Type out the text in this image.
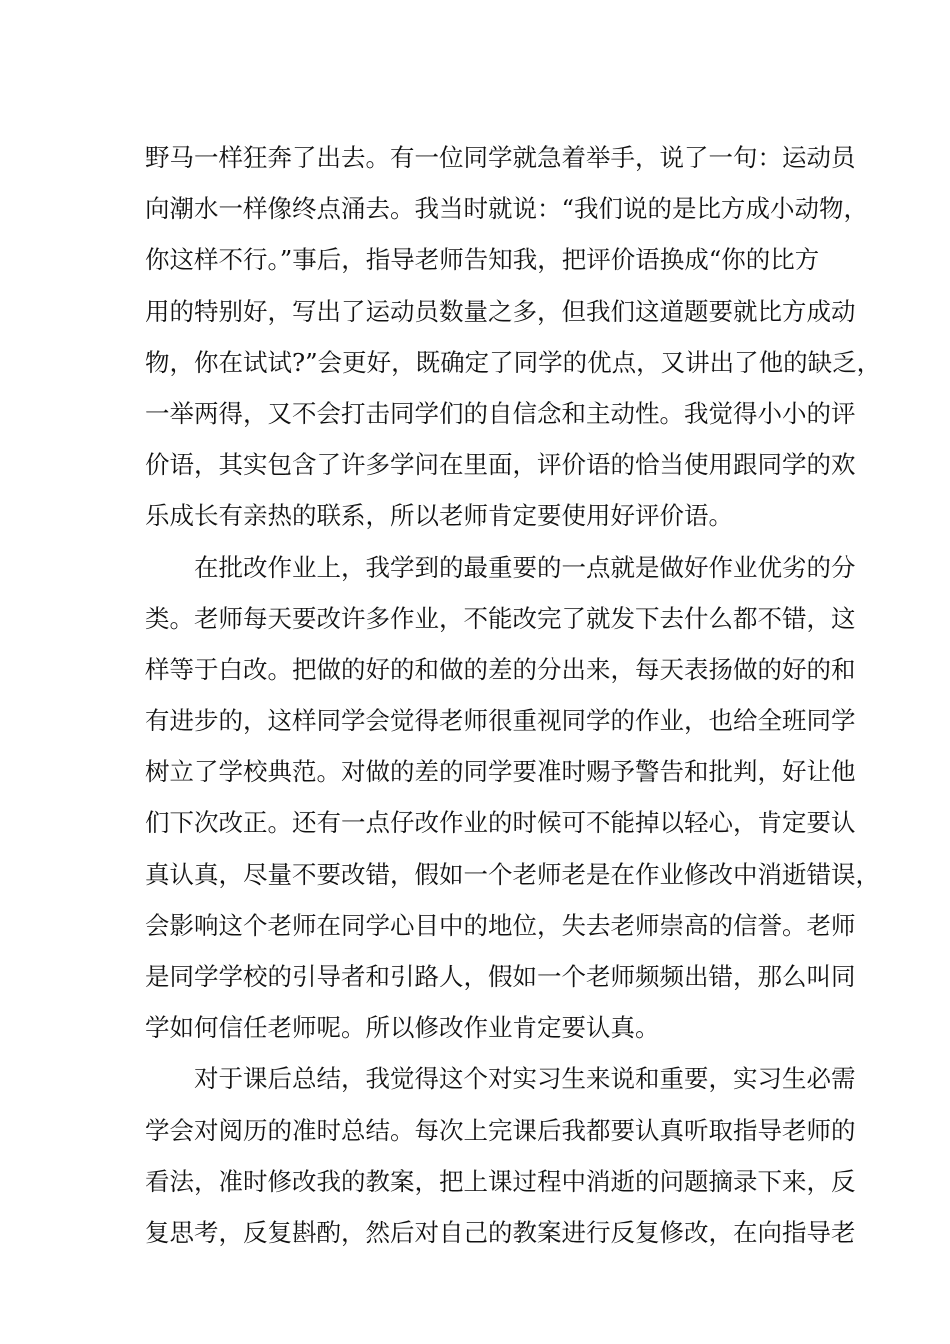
野马一样狂奔了出去。有一位同学就急着举手，说了一句：运动员
向潮水一样像终点涌去。我当时就说：“我们说的是比方成小动物，
你这样不行。”事后，指导老师告知我，把评价语换成“你的比方
用的特别好，写出了运动员数量之多，但我们这道题要就比方成动
物，你在试试?”会更好，既确定了同学的优点，又讲出了他的缺乏，
一举两得，又不会打击同学们的自信念和主动性。我觉得小小的评
价语，其实包含了许多学问在里面，评价语的恰当使用跟同学的欢
乐成长有亲热的联系，所以老师肯定要使用好评价语。
在批改作业上，我学到的最重要的一点就是做好作业优劣的分
类。老师每天要改许多作业，不能改完了就发下去什么都不错，这
样等于白改。把做的好的和做的差的分出来，每天表扬做的好的和
有进步的，这样同学会觉得老师很重视同学的作业，也给全班同学
树立了学校典范。对做的差的同学要准时赐予警告和批判，好让他
们下次改正。还有一点仔改作业的时候可不能掉以轻心，肯定要认
真认真，尽量不要改错，假如一个老师老是在作业修改中消逝错误，
会影响这个老师在同学心目中的地位，失去老师崇高的信誉。老师
是同学学校的引导者和引路人，假如一个老师频频出错，那么叫同
学如何信任老师呢。所以修改作业肯定要认真。
对于课后总结，我觉得这个对实习生来说和重要，实习生必需
学会对阅历的准时总结。每次上完课后我都要认真听取指导老师的
看法，准时修改我的教案，把上课过程中消逝的问题摘录下来，反
复思考，反复斟酌，然后对自己的教案进行反复修改，在向指导老
